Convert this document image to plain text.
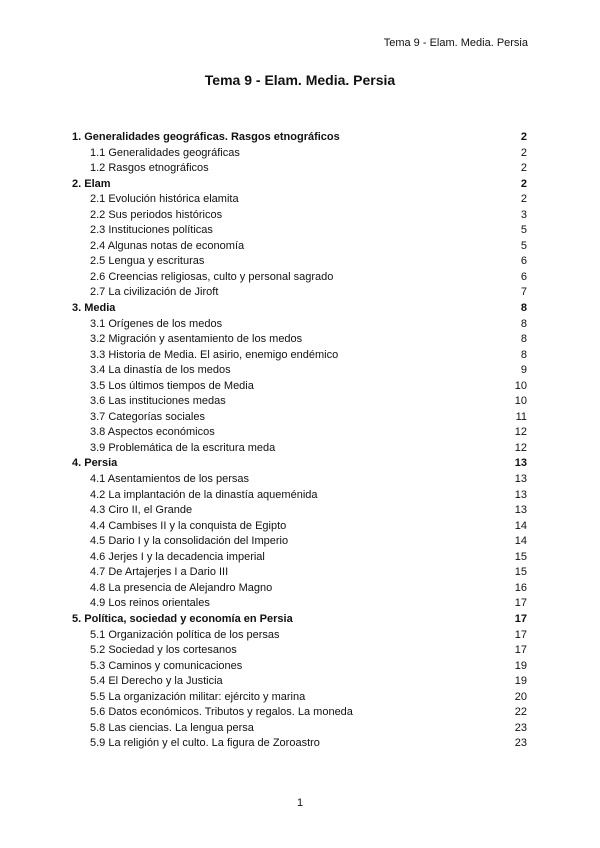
Tema 9 - Elam. Media. Persia
Tema 9 - Elam. Media. Persia
1. Generalidades geográficas. Rasgos etnográficos	2
1.1 Generalidades geográficas	2
1.2 Rasgos etnográficos	2
2. Elam	2
2.1 Evolución histórica elamita	2
2.2 Sus periodos históricos	3
2.3 Instituciones políticas	5
2.4 Algunas notas de economía	5
2.5 Lengua y escrituras	6
2.6 Creencias religiosas, culto y personal sagrado	6
2.7 La civilización de Jiroft	7
3. Media	8
3.1 Orígenes de los medos	8
3.2 Migración y asentamiento de los medos	8
3.3 Historia de Media. El asirio, enemigo endémico	8
3.4 La dinastía de los medos	9
3.5 Los últimos tiempos de Media	10
3.6 Las instituciones medas	10
3.7 Categorías sociales	11
3.8 Aspectos económicos	12
3.9 Problemática de la escritura meda	12
4. Persia	13
4.1 Asentamientos de los persas	13
4.2 La implantación de la dinastía aqueménida	13
4.3 Ciro II, el Grande	13
4.4 Cambises II y la conquista de Egipto	14
4.5 Dario I y la consolidación del Imperio	14
4.6 Jerjes I y la decadencia imperial	15
4.7 De Artajerjes I a Dario III	15
4.8 La presencia de Alejandro Magno	16
4.9 Los reinos orientales	17
5. Política, sociedad y economía en Persia	17
5.1 Organización política de los persas	17
5.2 Sociedad y los cortesanos	17
5.3 Caminos y comunicaciones	19
5.4 El Derecho y la Justicia	19
5.5 La organización militar: ejército y marina	20
5.6 Datos económicos. Tributos y regalos. La moneda	22
5.8 Las ciencias. La lengua persa	23
5.9 La religión y el culto. La figura de Zoroastro	23
1
